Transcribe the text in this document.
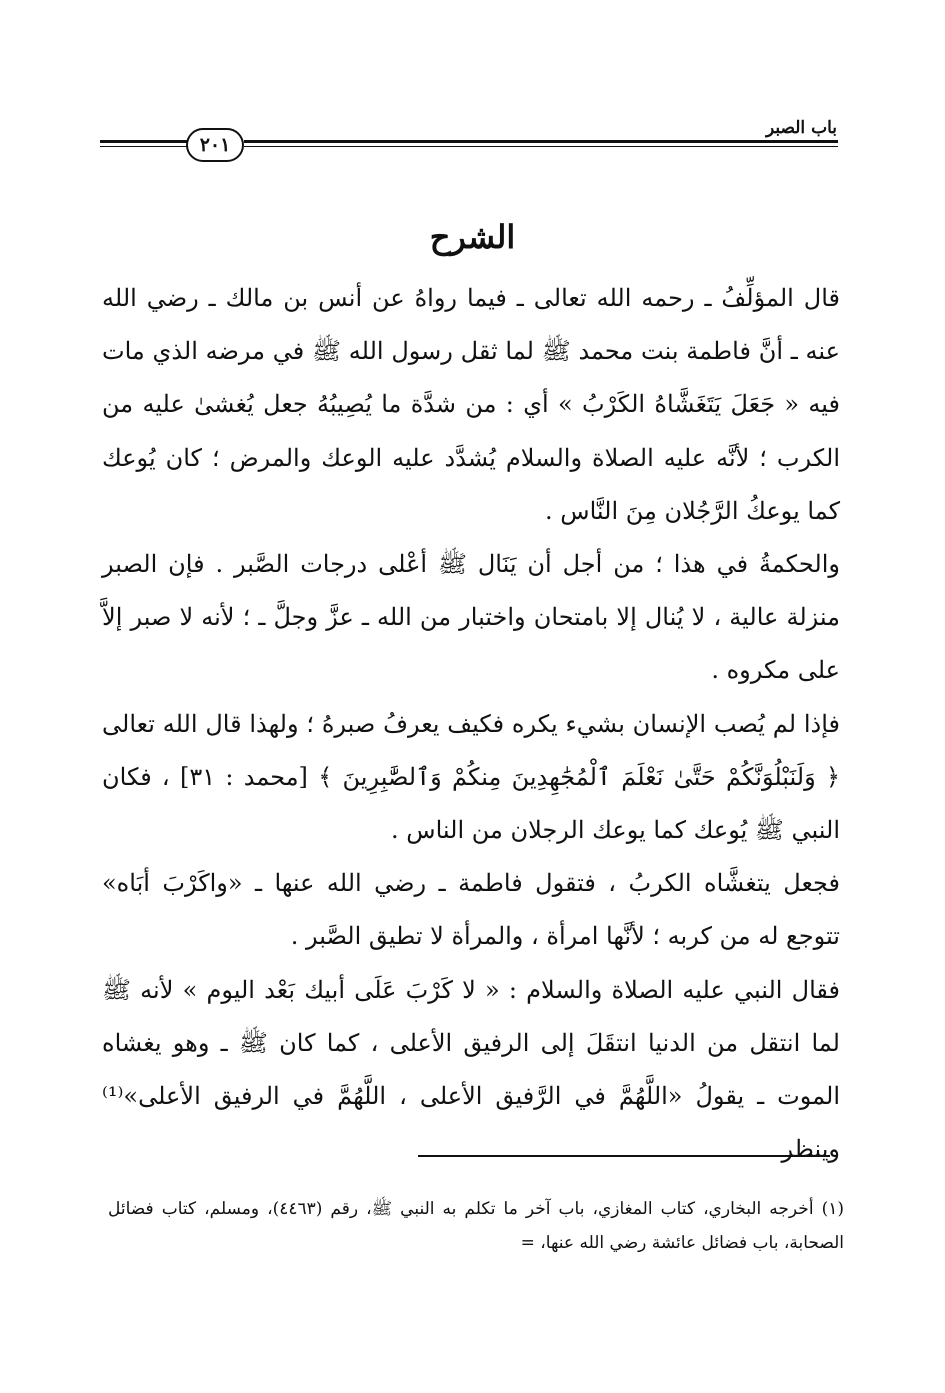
باب الصبر
٢٠١
الشرح

قال المؤلِّفُ ـ رحمه الله تعالى ـ فيما رواهُ عن أنس بن مالك ـ رضي الله عنه ـ أنَّ فاطمة بنت محمد ﷺ لما ثقل رسول الله ﷺ في مرضه الذي مات فيه « جَعَلَ يَتَغَشَّاهُ الكَرْبُ » أي : من شدَّة ما يُصِيبُهُ جعل يُغشىٰ عليه من الكرب ؛ لأنَّه عليه الصلاة والسلام يُشدَّد عليه الوعك والمرض ؛ كان يُوعك كما يوعكُ الرَّجُلان مِنَ النَّاس .

والحكمةُ في هذا ؛ من أجل أن يَنَال ﷺ أعْلى درجات الصَّبر . فإن الصبر منزلة عالية ، لا يُنال إلا بامتحان واختبار من الله ـ عزَّ وجلَّ ـ ؛ لأنه لا صبر إلاَّ على مكروه .

فإذا لم يُصب الإنسان بشيء يكره فكيف يعرفُ صبرهُ ؛ ولهذا قال الله تعالى ﴿ وَلَنَبْلُوَنَّكُمْ حَتَّىٰ نَعْلَمَ ٱلْمُجَٰهِدِينَ مِنكُمْ وَٱلصَّٰبِرِينَ ﴾ [محمد : ٣١] ، فكان النبي ﷺ يُوعك كما يوعك الرجلان من الناس .

فجعل يتغشَّاه الكربُ ، فتقول فاطمة ـ رضي الله عنها ـ «واكَرْبَ أبَاه» تتوجع له من كربه ؛ لأنَّها امرأة ، والمرأة لا تطيق الصَّبر .

فقال النبي عليه الصلاة والسلام : « لا كَرْبَ عَلَى أبيك بَعْد اليوم » لأنه ﷺ لما انتقل من الدنيا انتقَلَ إلى الرفيق الأعلى ، كما كان ﷺ ـ وهو يغشاه الموت ـ يقولُ «اللَّهُمَّ في الرَّفيق الأعلى ، اللَّهُمَّ في الرفيق الأعلى»⁽¹⁾ وينظر

(١) أخرجه البخاري، كتاب المغازي، باب آخر ما تكلم به النبي ﷺ، رقم (٤٤٦٣)، ومسلم، كتاب فضائل الصحابة، باب فضائل عائشة رضي الله عنها، =
